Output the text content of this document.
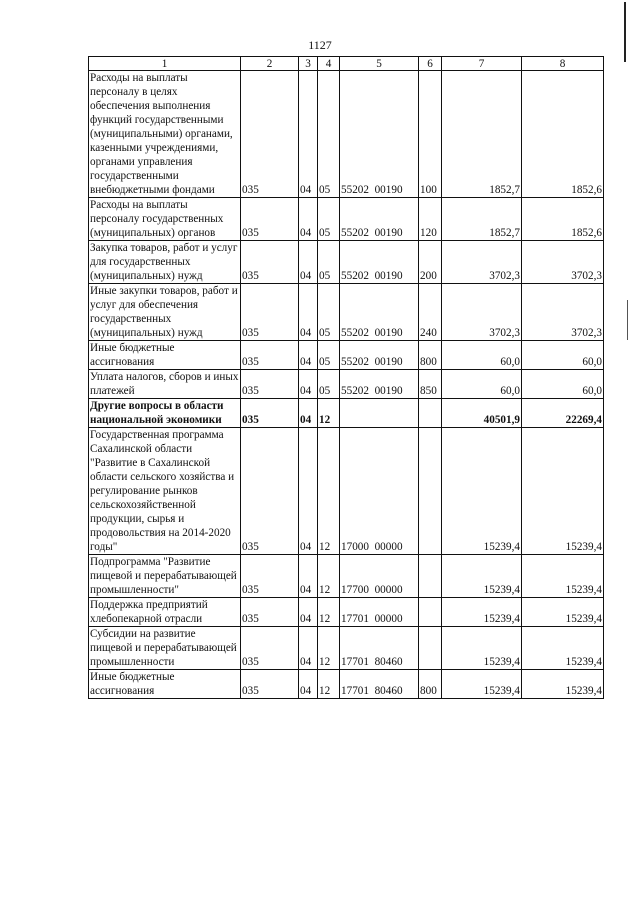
1127
1	2	3	4	5	6	7	8
Расходы на выплаты персоналу в целях обеспечения выполнения функций государственными (муниципальными) органами, казенными учреждениями, органами управления государственными внебюджетными фондами	035	04	05	55202  00190	100	1852,7	1852,6
Расходы на выплаты персоналу государственных (муниципальных) органов	035	04	05	55202  00190	120	1852,7	1852,6
Закупка товаров, работ и услуг для государственных (муниципальных) нужд	035	04	05	55202  00190	200	3702,3	3702,3
Иные закупки товаров, работ и услуг для обеспечения государственных (муниципальных) нужд	035	04	05	55202  00190	240	3702,3	3702,3
Иные бюджетные ассигнования	035	04	05	55202  00190	800	60,0	60,0
Уплата налогов, сборов и иных платежей	035	04	05	55202  00190	850	60,0	60,0
Другие вопросы в области национальной экономики	035	04	12			40501,9	22269,4
Государственная программа Сахалинской области "Развитие в Сахалинской области сельского хозяйства и регулирование рынков сельскохозяйственной продукции, сырья и продовольствия на 2014-2020 годы"	035	04	12	17000  00000		15239,4	15239,4
Подпрограмма "Развитие пищевой и перерабатывающей промышленности"	035	04	12	17700  00000		15239,4	15239,4
Поддержка предприятий хлебопекарной отрасли	035	04	12	17701  00000		15239,4	15239,4
Субсидии на развитие пищевой и перерабатывающей промышленности	035	04	12	17701  80460		15239,4	15239,4
Иные бюджетные ассигнования	035	04	12	17701  80460	800	15239,4	15239,4
